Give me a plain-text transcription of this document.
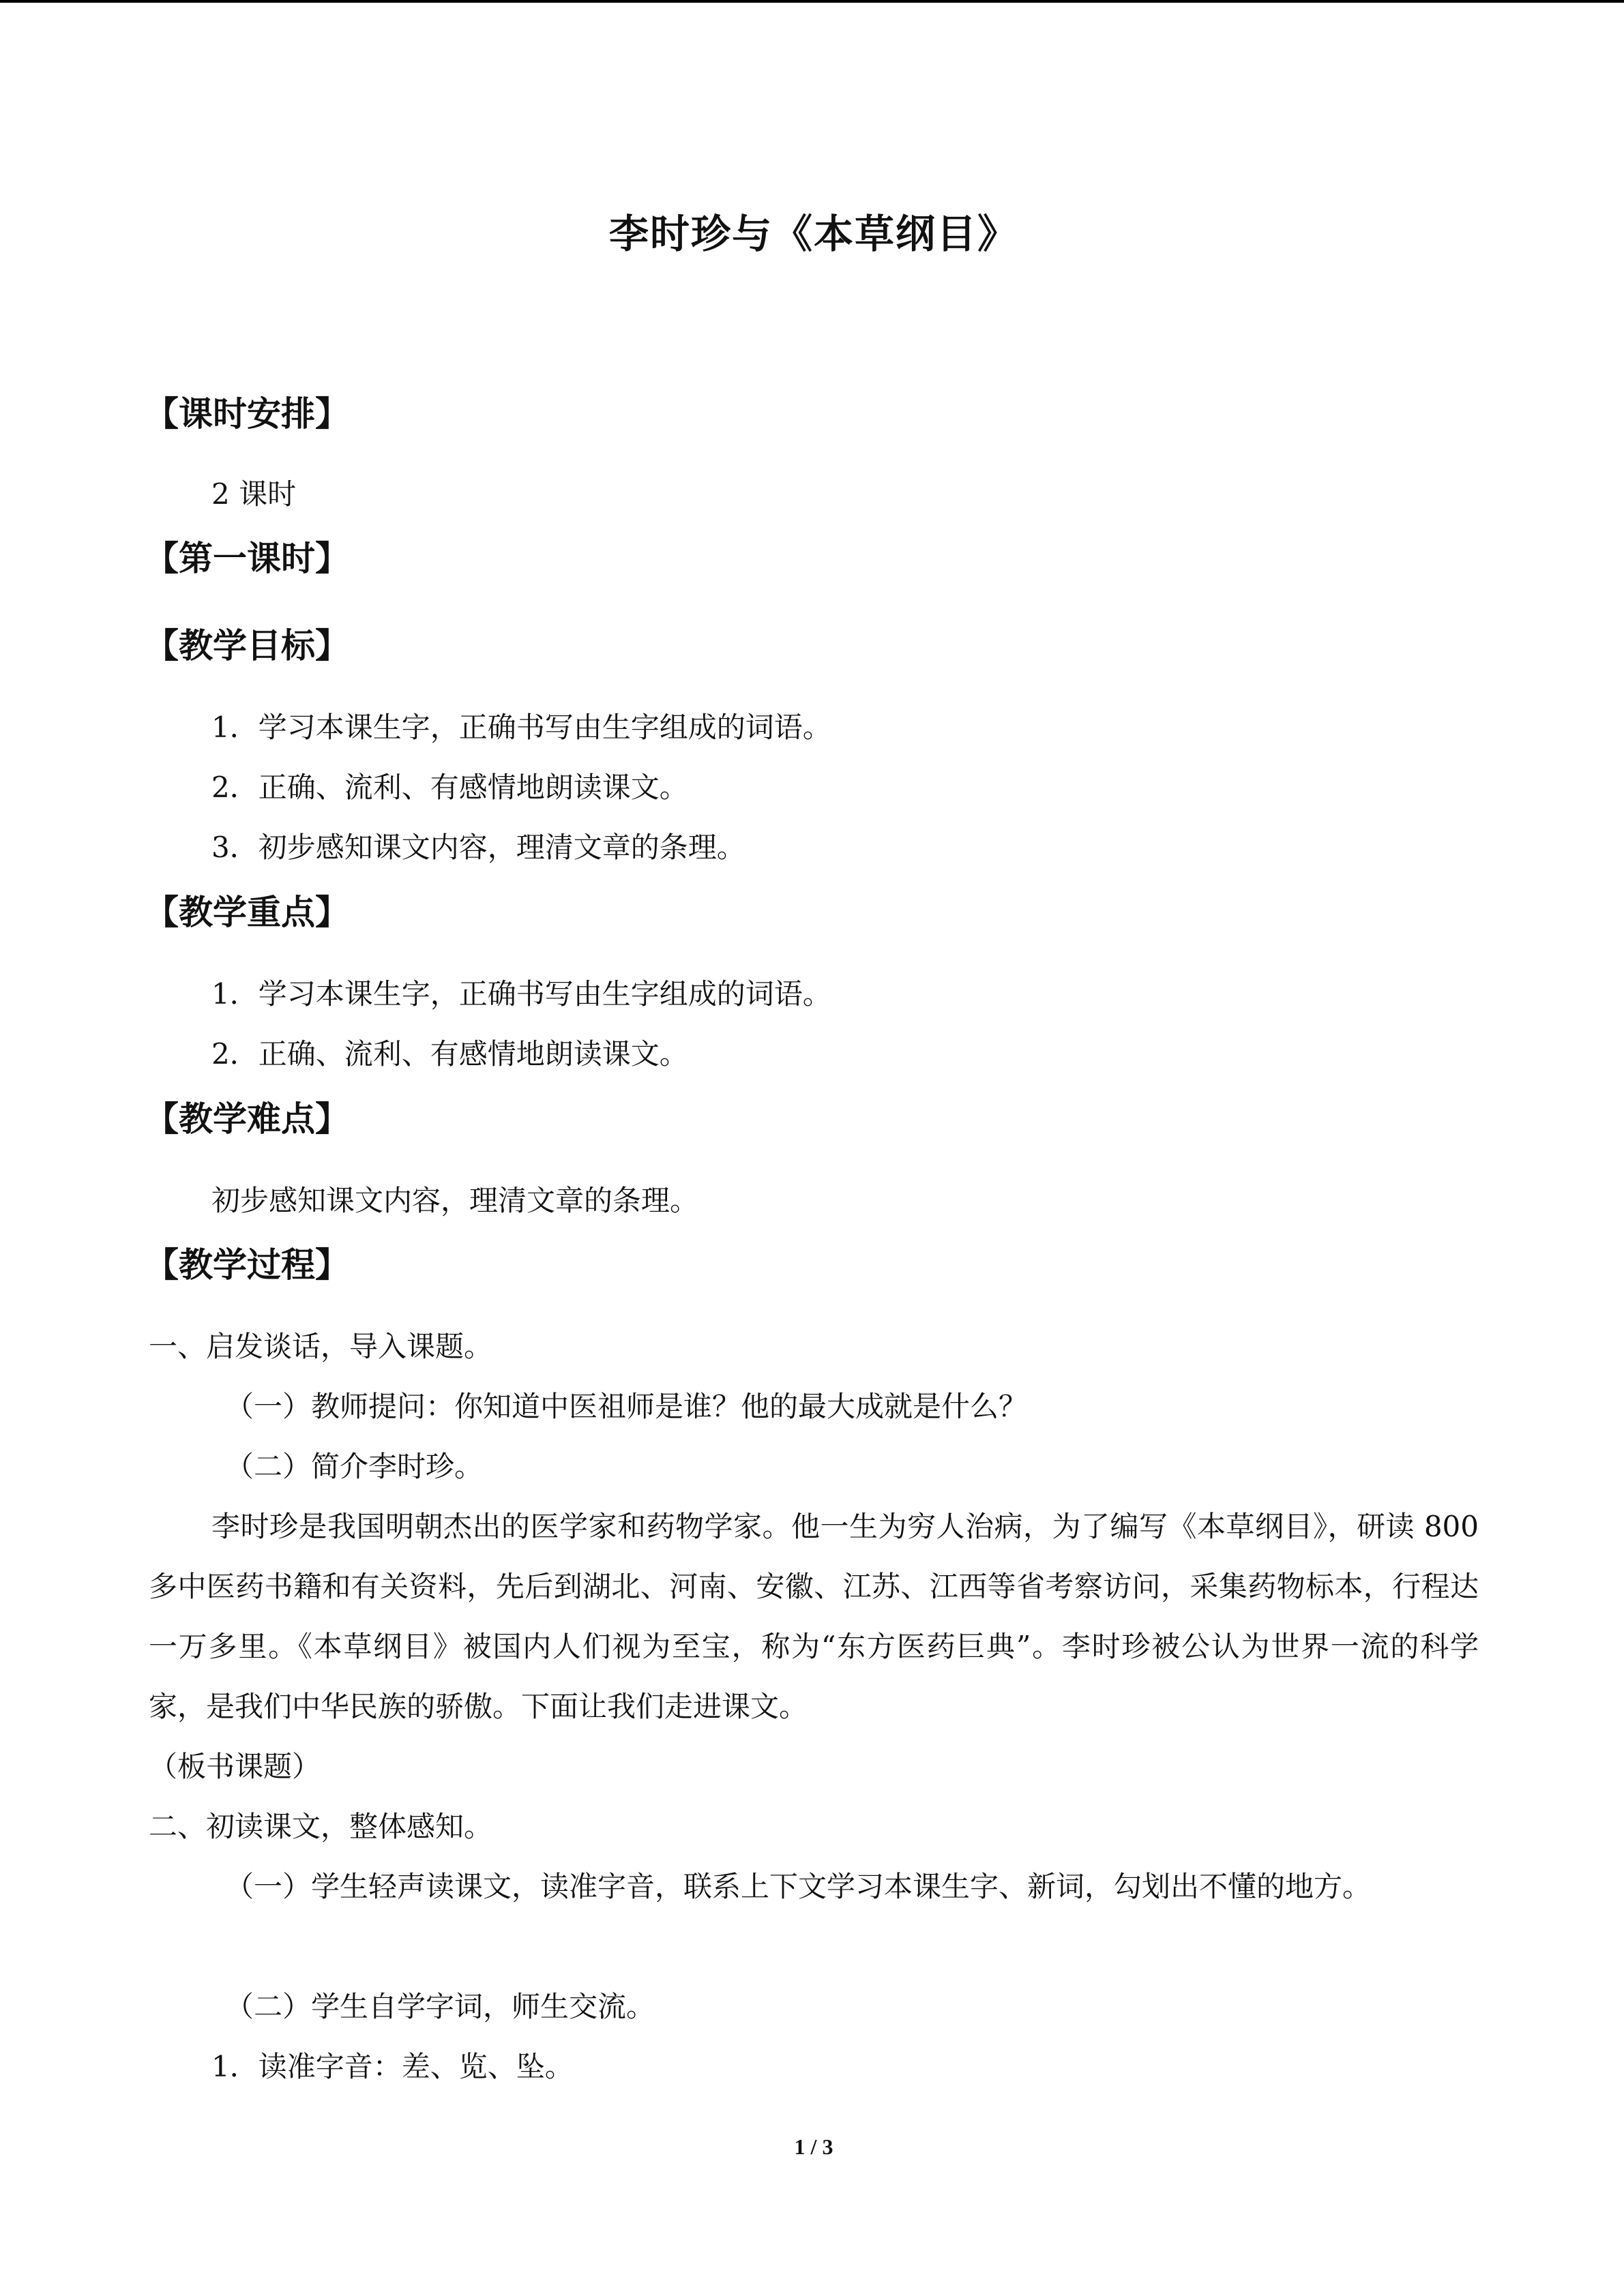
李时珍与《本草纲目》
【课时安排】
2 课时
【第一课时】
【教学目标】
1．学习本课生字，正确书写由生字组成的词语。
2．正确、流利、有感情地朗读课文。
3．初步感知课文内容，理清文章的条理。
【教学重点】
1．学习本课生字，正确书写由生字组成的词语。
2．正确、流利、有感情地朗读课文。
【教学难点】
初步感知课文内容，理清文章的条理。
【教学过程】
一、启发谈话，导入课题。
（一）教师提问：你知道中医祖师是谁？他的最大成就是什么？
（二）简介李时珍。
李时珍是我国明朝杰出的医学家和药物学家。他一生为穷人治病，为了编写《本草纲目》，研读 800 多中医药书籍和有关资料，先后到湖北、河南、安徽、江苏、江西等省考察访问，采集药物标本，行程达一万多里。《本草纲目》被国内人们视为至宝，称为“东方医药巨典”。李时珍被公认为世界一流的科学家，是我们中华民族的骄傲。下面让我们走进课文。
（板书课题）
二、初读课文，整体感知。
（一）学生轻声读课文，读准字音，联系上下文学习本课生字、新词，勾划出不懂的地方。
（二）学生自学字词，师生交流。
1．读准字音：差、览、坠。
1 / 3
